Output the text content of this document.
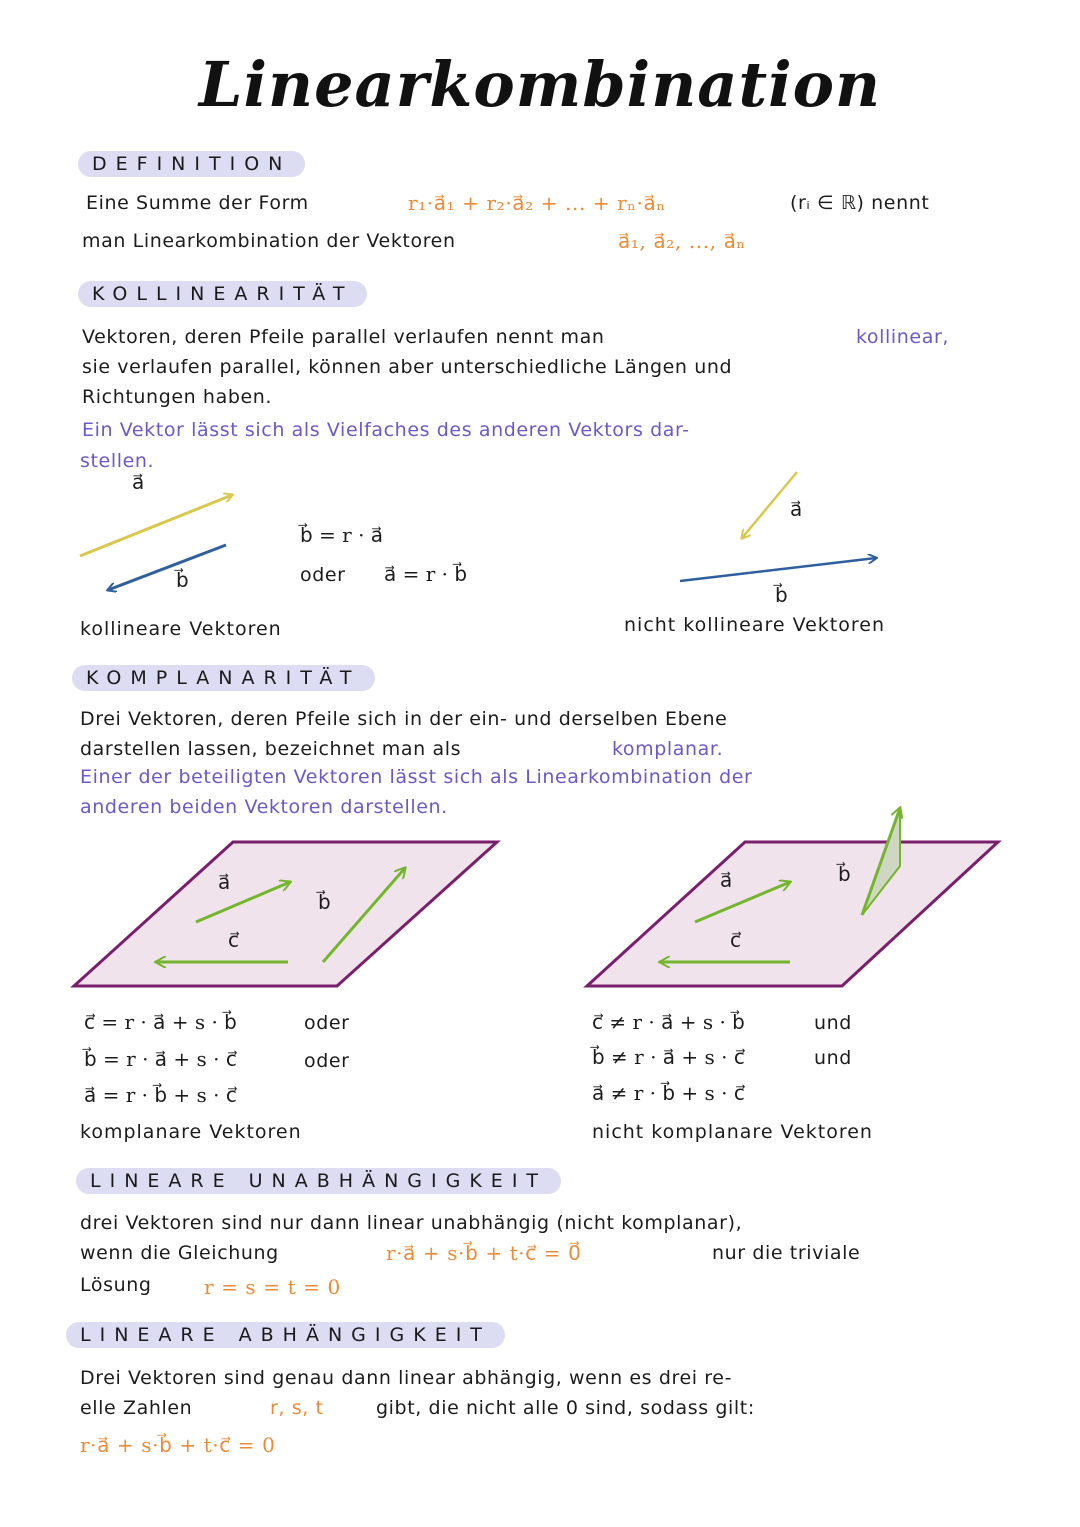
Linearkombination
DEFINITION
Eine Summe der Form	r₁·a⃗₁ + r₂·a⃗₂ + ... + rₙ·a⃗ₙ	(rᵢ ∈ ℝ) nennt
man Linearkombination der Vektoren	a⃗₁, a⃗₂, ..., a⃗ₙ
KOLLINEARITÄT
Vektoren, deren Pfeile parallel verlaufen nennt man	kollinear,
sie verlaufen parallel, können aber unterschiedliche Längen und
Richtungen haben.
Ein Vektor lässt sich als Vielfaches des anderen Vektors dar-
stellen.
a⃗
b⃗
b⃗ = r · a⃗
oder a⃗ = r · b⃗
a⃗
b⃗
kollineare Vektoren	nicht kollineare Vektoren
KOMPLANARITÄT
Drei Vektoren, deren Pfeile sich in der ein- und derselben Ebene
darstellen lassen, bezeichnet man als	komplanar.
Einer der beteiligten Vektoren lässt sich als Linearkombination der
anderen beiden Vektoren darstellen.
a⃗
c⃗
b⃗
a⃗
c⃗
b⃗
c⃗ = r · a⃗ + s · b⃗	oder
b⃗ = r · a⃗ + s · c⃗	oder
a⃗ = r · b⃗ + s · c⃗
komplanare Vektoren
c⃗ ≠ r · a⃗ + s · b⃗	und
b⃗ ≠ r · a⃗ + s · c⃗	und
a⃗ ≠ r · b⃗ + s · c⃗
nicht komplanare Vektoren
LINEARE UNABHÄNGIGKEIT
drei Vektoren sind nur dann linear unabhängig (nicht komplanar),
wenn die Gleichung	r·a⃗ + s·b⃗ + t·c⃗ = 0⃗	nur die triviale
Lösung	r = s = t = 0
LINEARE ABHÄNGIGKEIT
Drei Vektoren sind genau dann linear abhängig, wenn es drei re-
elle Zahlen	r, s, t	gibt, die nicht alle 0 sind, sodass gilt:
r·a⃗ + s·b⃗ + t·c⃗ = 0
